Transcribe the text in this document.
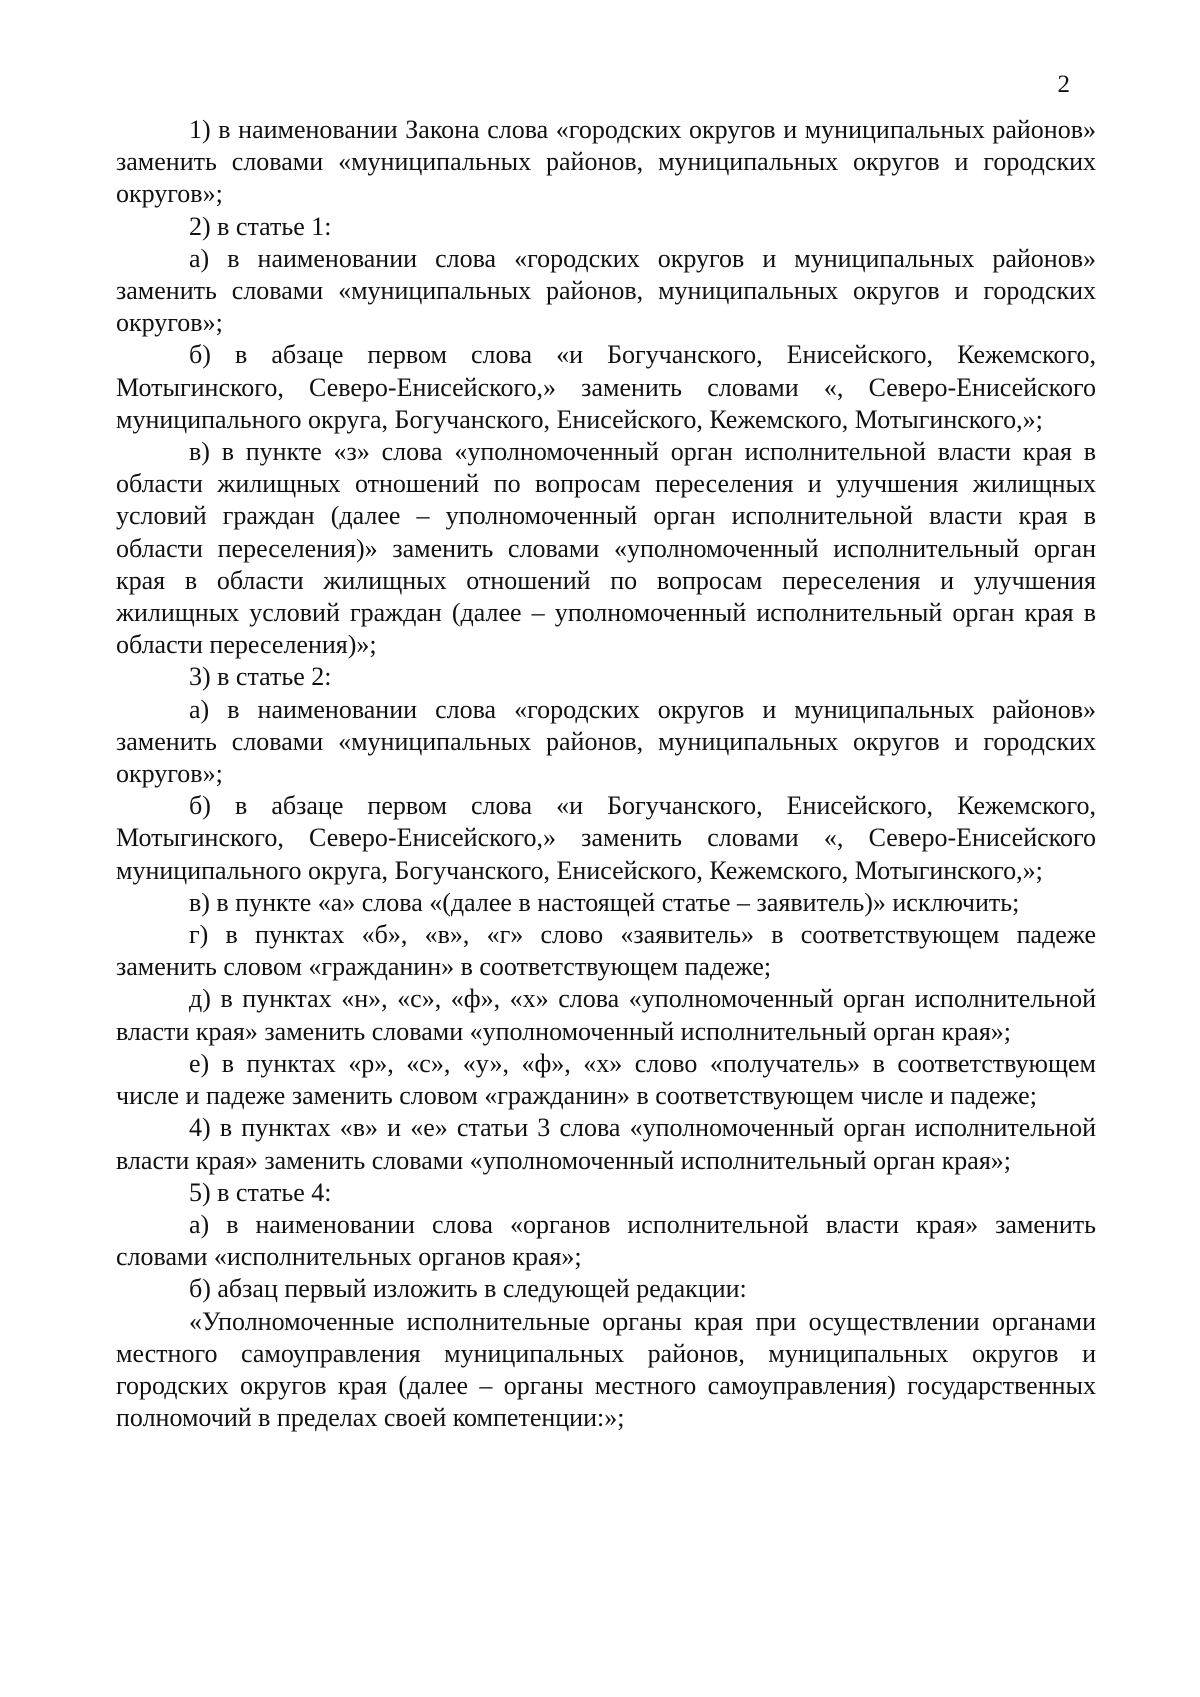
2

1) в наименовании Закона слова «городских округов и муниципальных районов» заменить словами «муниципальных районов, муниципальных округов и городских округов»;

2) в статье 1:

а) в наименовании слова «городских округов и муниципальных районов» заменить словами «муниципальных районов, муниципальных округов и городских округов»;

б) в абзаце первом слова «и Богучанского, Енисейского, Кежемского, Мотыгинского, Северо-Енисейского,» заменить словами «, Северо-Енисейского муниципального округа, Богучанского, Енисейского, Кежемского, Мотыгинского,»;

в) в пункте «з» слова «уполномоченный орган исполнительной власти края в области жилищных отношений по вопросам переселения и улучшения жилищных условий граждан (далее – уполномоченный орган исполнительной власти края в области переселения)» заменить словами «уполномоченный исполнительный орган края в области жилищных отношений по вопросам переселения и улучшения жилищных условий граждан (далее – уполномоченный исполнительный орган края в области переселения)»;

3) в статье 2:

а) в наименовании слова «городских округов и муниципальных районов» заменить словами «муниципальных районов, муниципальных округов и городских округов»;

б) в абзаце первом слова «и Богучанского, Енисейского, Кежемского, Мотыгинского, Северо-Енисейского,» заменить словами «, Северо-Енисейского муниципального округа, Богучанского, Енисейского, Кежемского, Мотыгинского,»;

в) в пункте «а» слова «(далее в настоящей статье – заявитель)» исключить;

г) в пунктах «б», «в», «г» слово «заявитель» в соответствующем падеже заменить словом «гражданин» в соответствующем падеже;

д) в пунктах «н», «с», «ф», «х» слова «уполномоченный орган исполнительной власти края» заменить словами «уполномоченный исполнительный орган края»;

е) в пунктах «р», «с», «у», «ф», «х» слово «получатель» в соответствующем числе и падеже заменить словом «гражданин» в соответствующем числе и падеже;

4) в пунктах «в» и «е» статьи 3 слова «уполномоченный орган исполнительной власти края» заменить словами «уполномоченный исполнительный орган края»;

5) в статье 4:

а) в наименовании слова «органов исполнительной власти края» заменить словами «исполнительных органов края»;

б) абзац первый изложить в следующей редакции:

«Уполномоченные исполнительные органы края при осуществлении органами местного самоуправления муниципальных районов, муниципальных округов и городских округов края (далее – органы местного самоуправления) государственных полномочий в пределах своей компетенции:»;
